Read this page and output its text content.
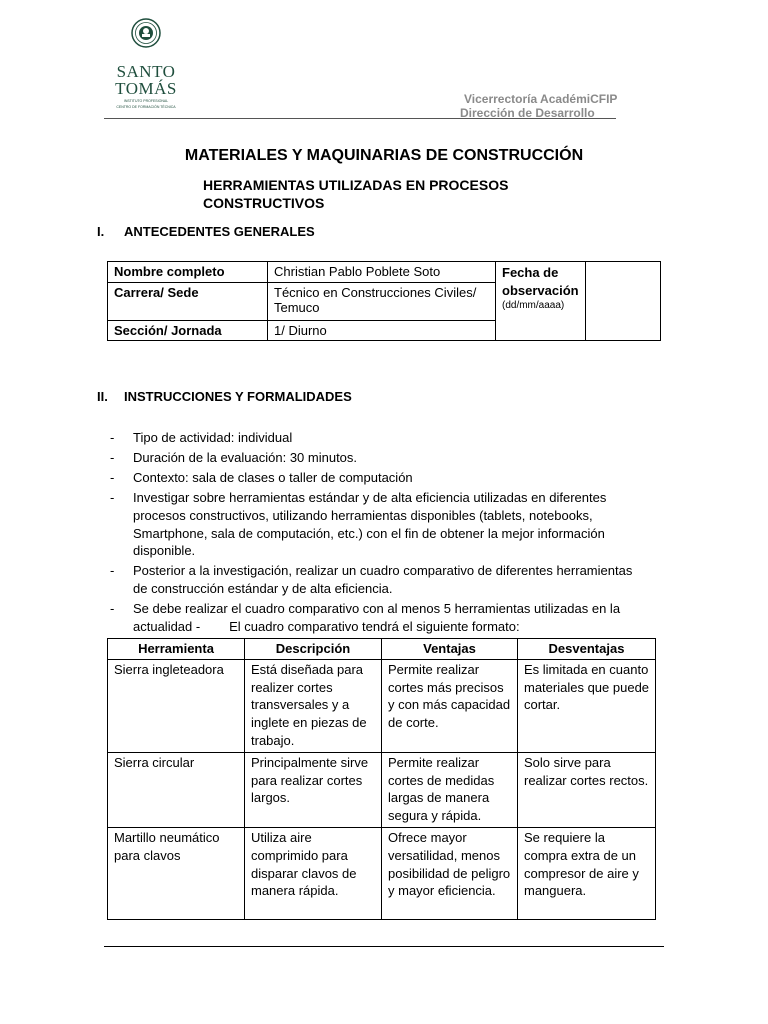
SANTO
TOMÁS
INSTITUTO PROFESIONAL
CENTRO DE FORMACIÓN TÉCNICA
Vicerrectoría AcadémiCFIP
Dirección de Desarrollo
MATERIALES Y MAQUINARIAS DE CONSTRUCCIÓN
HERRAMIENTAS UTILIZADAS EN PROCESOS CONSTRUCTIVOS
I. ANTECEDENTES GENERALES
Nombre completo	Christian Pablo Poblete Soto	Fecha de
observación
(dd/mm/aaaa)	

Carrera/ Sede	Técnico en Construcciones Civiles/ Temuco		
Sección/ Jornada	1/ Diurno		
II. INSTRUCCIONES Y FORMALIDADES
- Tipo de actividad: individual
- Duración de la evaluación: 30 minutos.
- Contexto: sala de clases o taller de computación
- Investigar sobre herramientas estándar y de alta eficiencia utilizadas en diferentes procesos constructivos, utilizando herramientas disponibles (tablets, notebooks, Smartphone, sala de computación, etc.) con el fin de obtener la mejor información disponible.
- Posterior a la investigación, realizar un cuadro comparativo de diferentes herramientas de construcción estándar y de alta eficiencia.
- Se debe realizar el cuadro comparativo con al menos 5 herramientas utilizadas en la actualidad -        El cuadro comparativo tendrá el siguiente formato:
Herramienta	Descripción	Ventajas	Desventajas
Sierra ingleteadora	Está diseñada para realizer cortes transversales y a inglete en piezas de trabajo.	Permite realizar cortes más precisos y con más capacidad de corte.	Es limitada en cuanto materiales que puede cortar.
Sierra circular	Principalmente sirve para realizar cortes largos.	Permite realizar cortes de medidas largas de manera segura y rápida.	Solo sirve para realizar cortes rectos.
Martillo neumático para clavos	Utiliza aire comprimido para disparar clavos de manera rápida.	Ofrece mayor versatilidad, menos posibilidad de peligro y mayor eficiencia.	Se requiere la compra extra de un compresor de aire y manguera.
